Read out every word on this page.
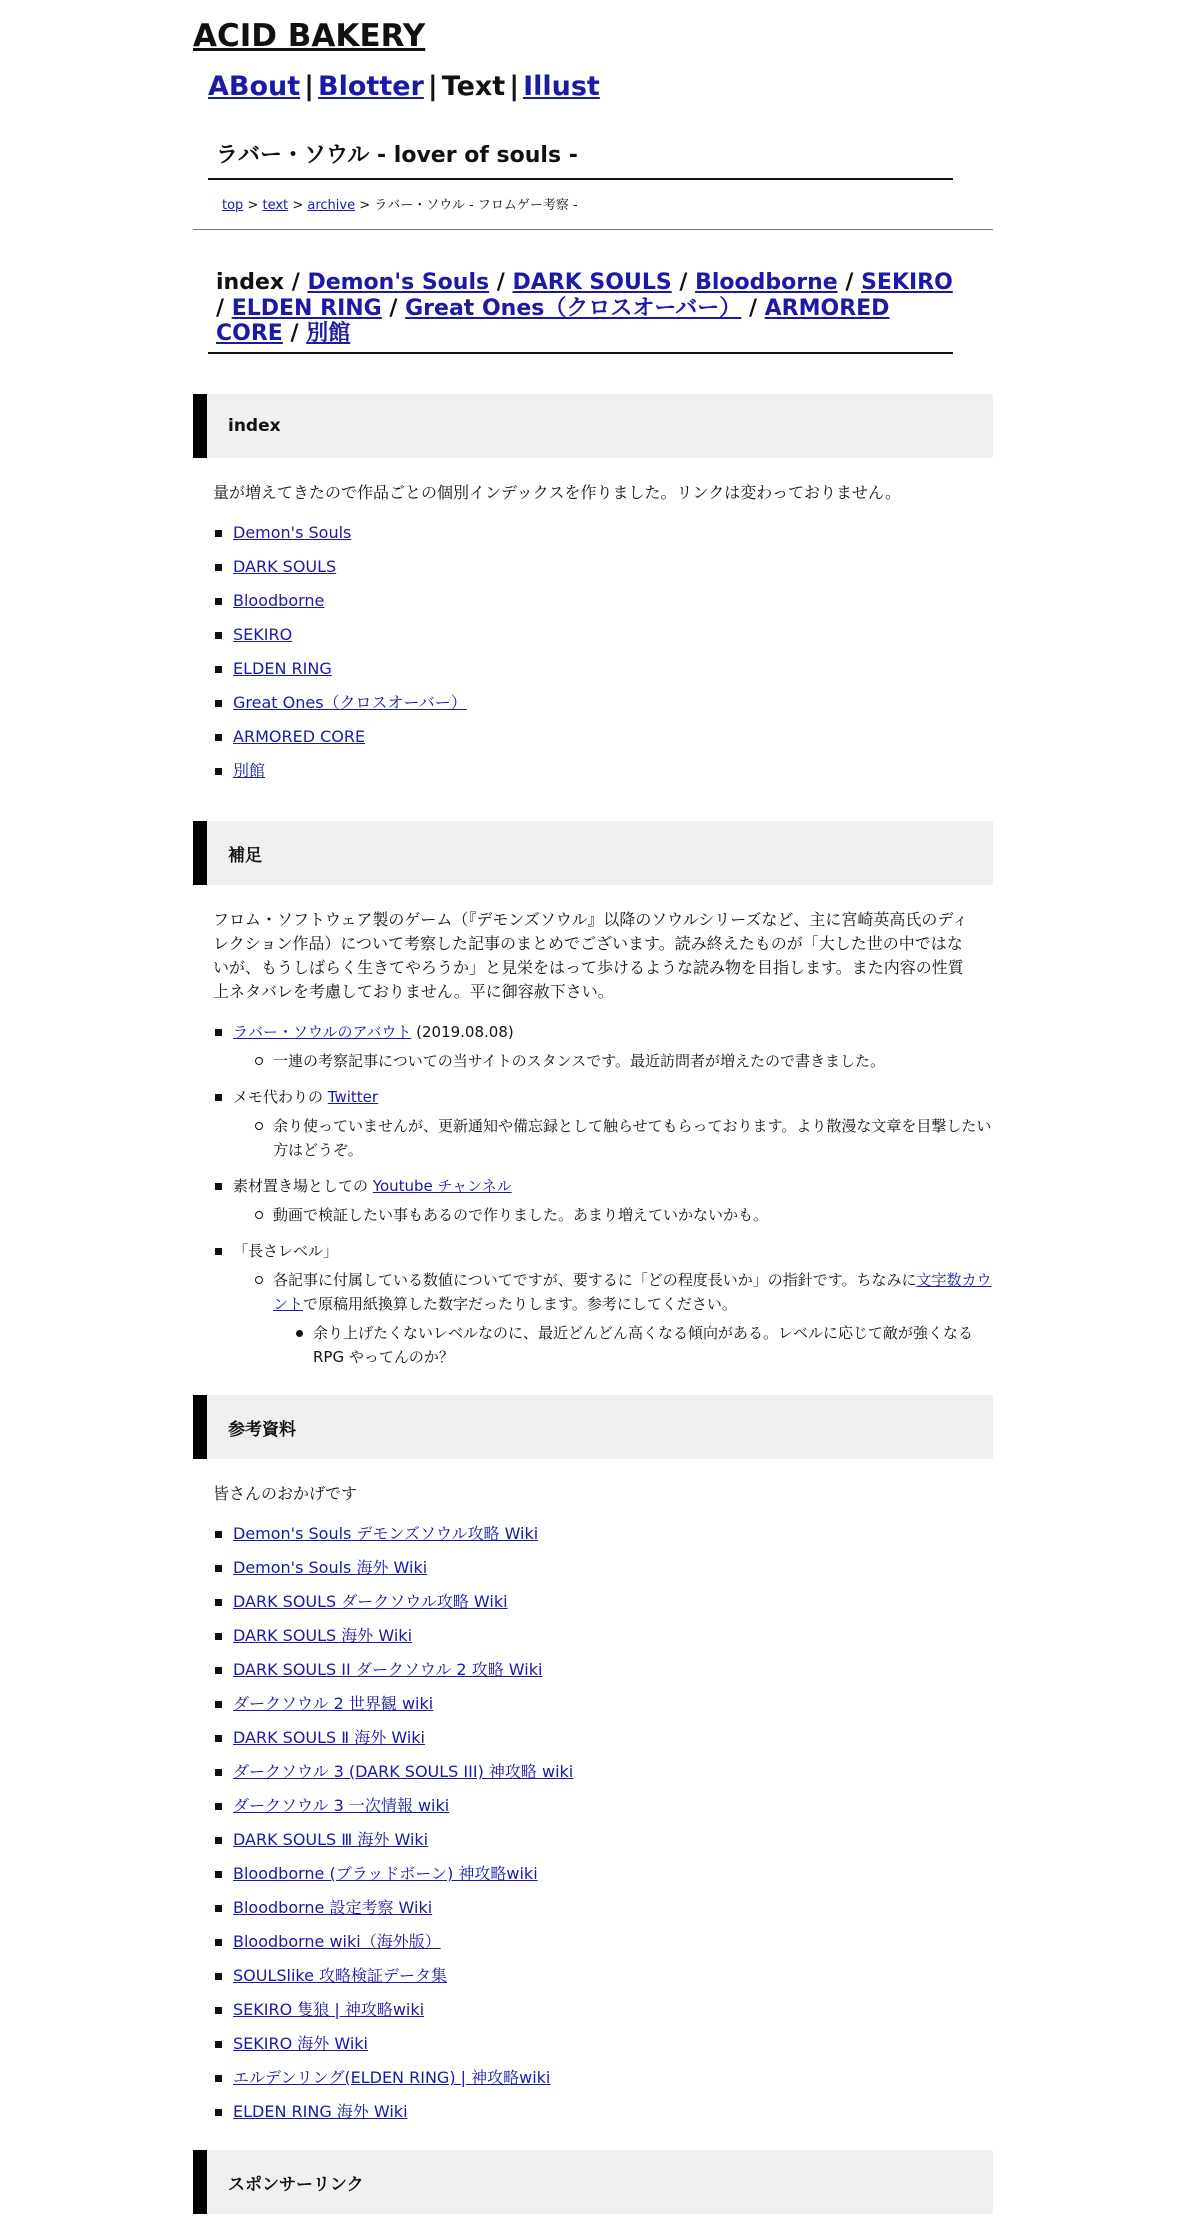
ACID BAKERY
ABout | Blotter | Text | Illust
ラバー・ソウル - lover of souls -
top > text > archive > ラバー・ソウル - フロムゲー考察 -
index / Demon's Souls / DARK SOULS / Bloodborne / SEKIRO / ELDEN RING / Great Ones（クロスオーバー） / ARMORED CORE / 別館
index

量が増えてきたので作品ごとの個別インデックスを作りました。リンクは変わっておりません。

Demon's Souls
DARK SOULS
Bloodborne
SEKIRO
ELDEN RING
Great Ones（クロスオーバー）
ARMORED CORE
別館
補足

フロム・ソフトウェア製のゲーム（『デモンズソウル』以降のソウルシリーズなど、主に宮崎英高氏のディレクション作品）について考察した記事のまとめでございます。読み終えたものが「大した世の中ではないが、もうしばらく生きてやろうか」と見栄をはって歩けるような読み物を目指します。また内容の性質上ネタバレを考慮しておりません。平に御容赦下さい。

ラバー・ソウルのアバウト (2019.08.08)
一連の考察記事についての当サイトのスタンスです。最近訪問者が増えたので書きました。
メモ代わりの Twitter
余り使っていませんが、更新通知や備忘録として触らせてもらっております。より散漫な文章を目撃したい方はどうぞ。
素材置き場としての Youtube チャンネル
動画で検証したい事もあるので作りました。あまり増えていかないかも。
「長さレベル」
各記事に付属している数値についてですが、要するに「どの程度長いか」の指針です。ちなみに文字数カウントで原稿用紙換算した数字だったりします。参考にしてください。
余り上げたくないレベルなのに、最近どんどん高くなる傾向がある。レベルに応じて敵が強くなる RPG やってんのか？
参考資料

皆さんのおかげです

Demon's Souls デモンズソウル攻略 Wiki
Demon's Souls 海外 Wiki
DARK SOULS ダークソウル攻略 Wiki
DARK SOULS 海外 Wiki
DARK SOULS II ダークソウル 2 攻略 Wiki
ダークソウル 2 世界観 wiki
DARK SOULS Ⅱ 海外 Wiki
ダークソウル 3 (DARK SOULS III) 神攻略 wiki
ダークソウル 3 一次情報 wiki
DARK SOULS Ⅲ 海外 Wiki
Bloodborne (ブラッドボーン) 神攻略wiki
Bloodborne 設定考察 Wiki
Bloodborne wiki（海外版）
SOULSlike 攻略検証データ集
SEKIRO 隻狼 | 神攻略wiki
SEKIRO 海外 Wiki
エルデンリング(ELDEN RING) | 神攻略wiki
ELDEN RING 海外 Wiki
スポンサーリンク
